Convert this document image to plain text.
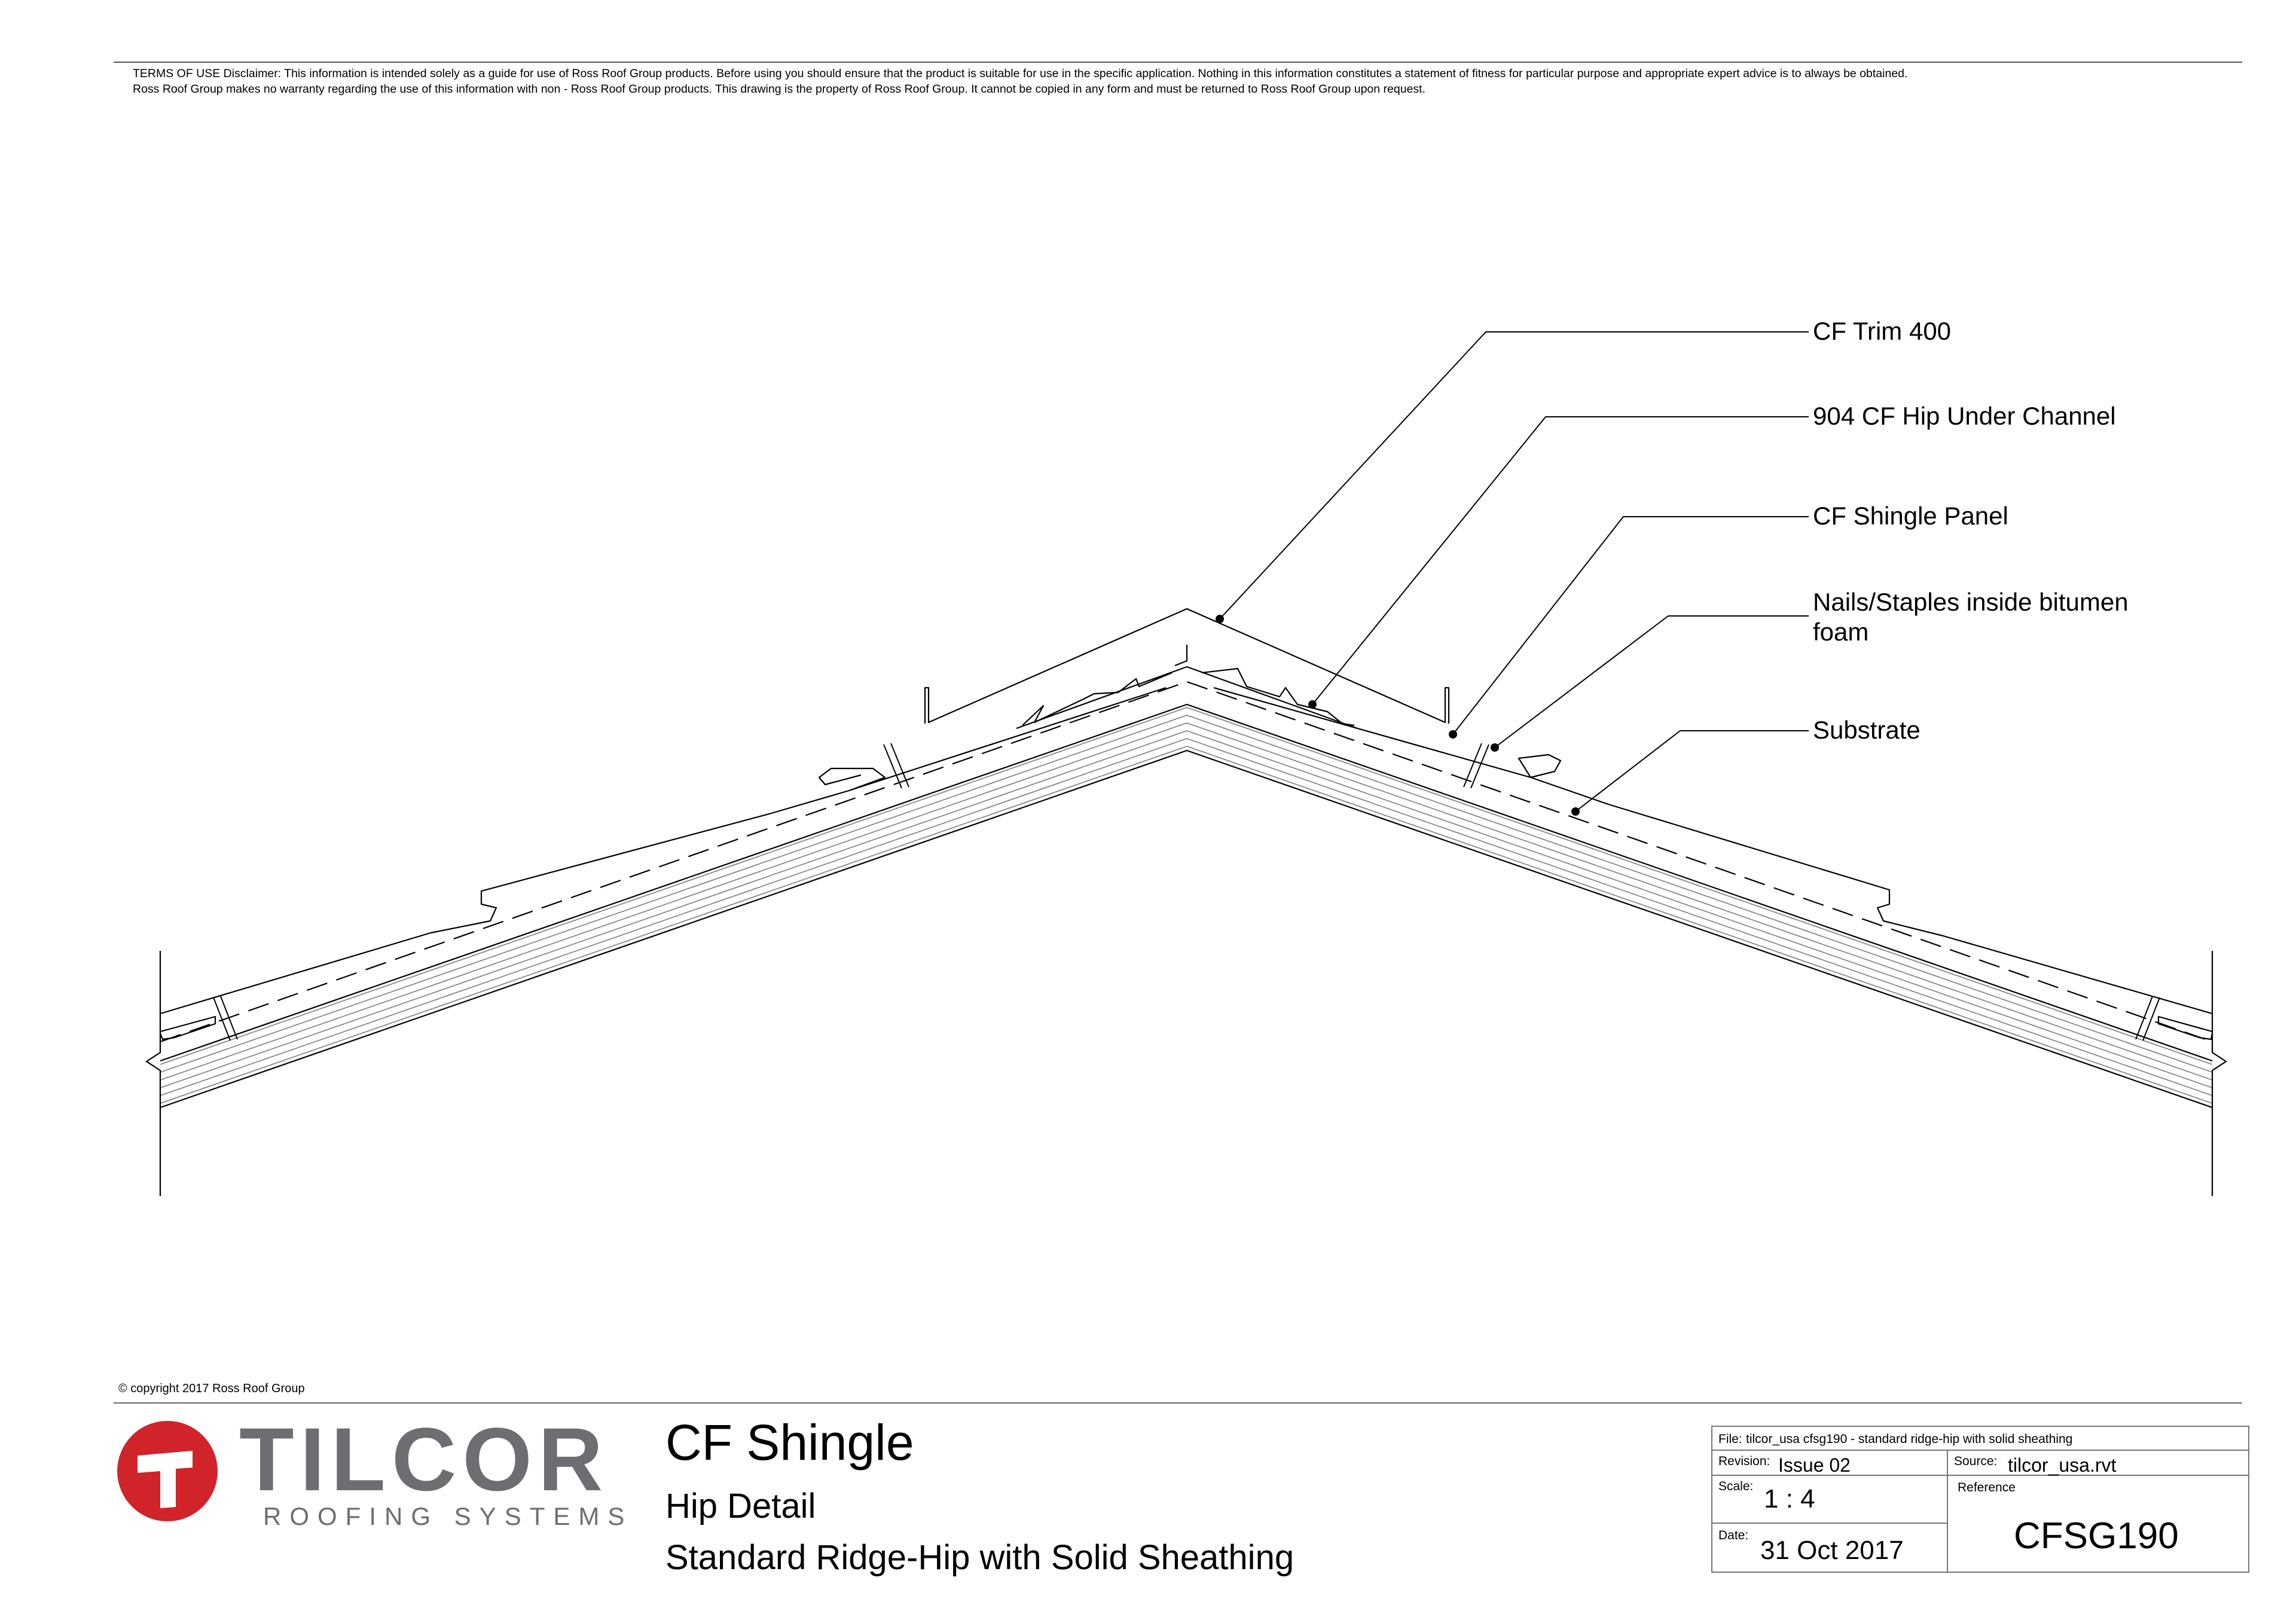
TERMS OF USE Disclaimer: This information is intended solely as a guide for use of Ross Roof Group products. Before using you should ensure that the product is suitable for use in the specific application. Nothing in this information constitutes a statement of fitness for particular purpose and appropriate expert advice is to always be obtained.
Ross Roof Group makes no warranty regarding the use of this information with non - Ross Roof Group products. This drawing is the property of Ross Roof Group. It cannot be copied in any form and must be returned to Ross Roof Group upon request.
CF Trim 400
904 CF Hip Under Channel
CF Shingle Panel
Nails/Staples inside bitumen
foam
Substrate
© copyright 2017 Ross Roof Group
TILCOR
ROOFING SYSTEMS
CF Shingle
Hip Detail
Standard Ridge-Hip with Solid Sheathing
File: tilcor_usa cfsg190 - standard ridge-hip with solid sheathing
Revision: Issue 02	Source: tilcor_usa.rvt
Scale: 1 : 4	Reference
Date:
31 Oct 2017	CFSG190
